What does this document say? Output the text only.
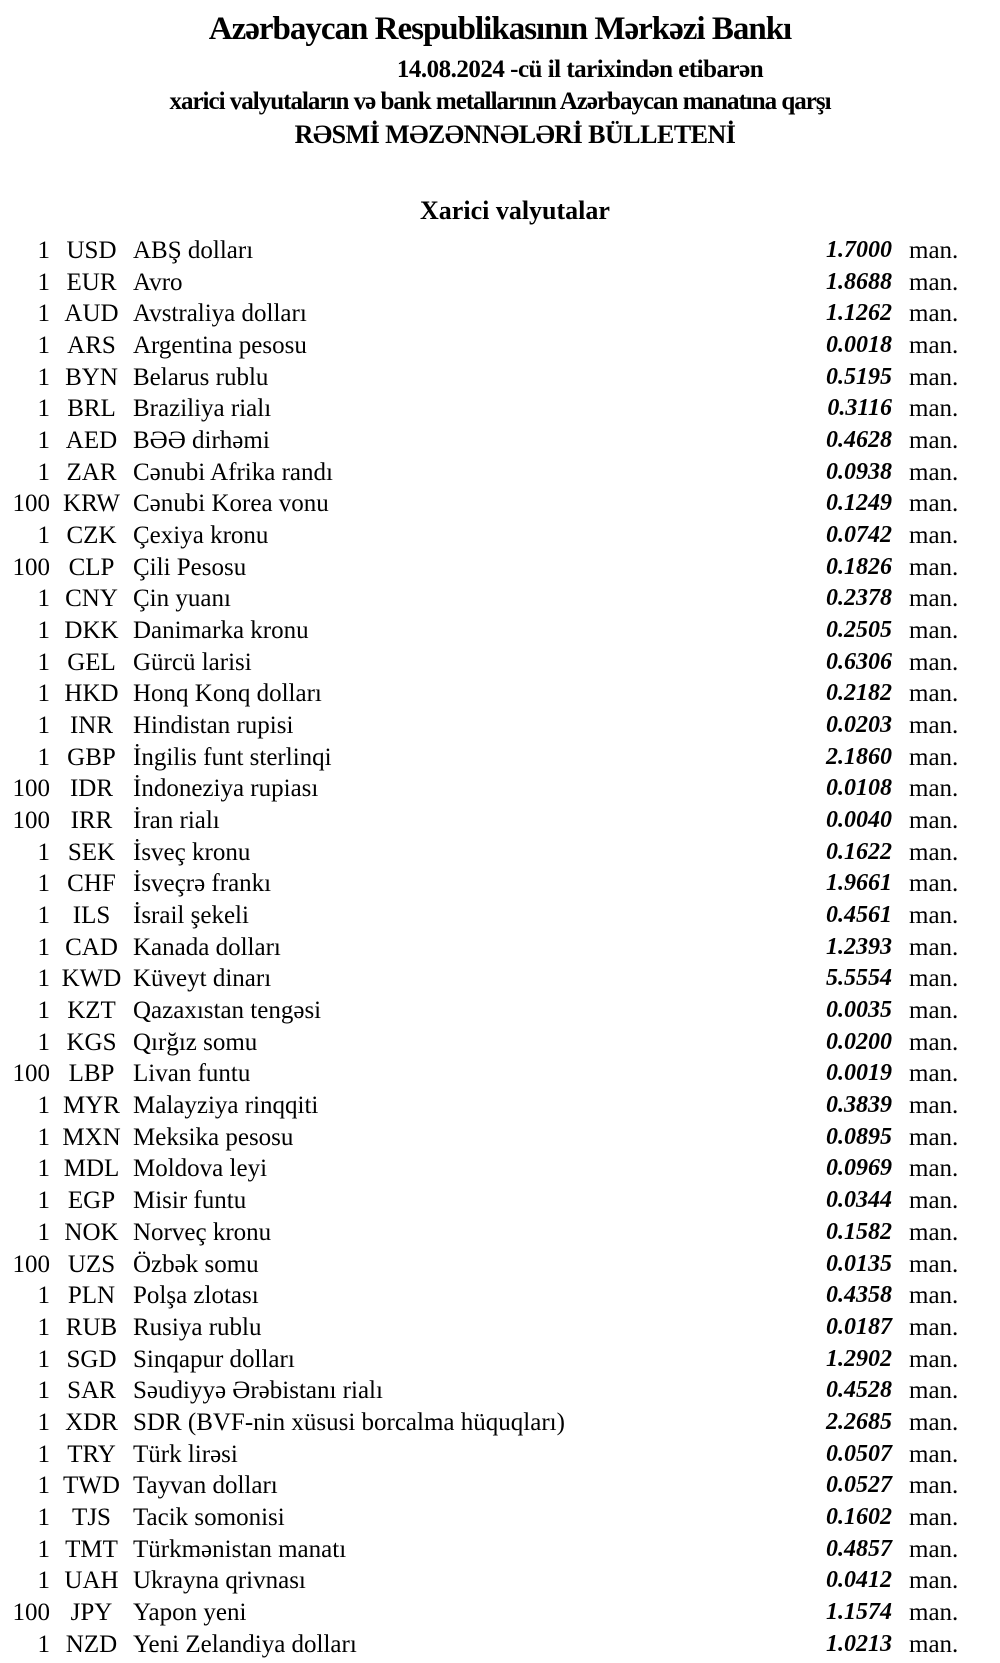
Azərbaycan Respublikasının Mərkəzi Bankı
14.08.2024 -cü il tarixindən etibarən
xarici valyutaların və bank metallarının Azərbaycan manatına qarşı
RƏSMİ MƏZƏNNƏLƏRİ BÜLLETENİ
Xarici valyutalar
1 USD ABŞ dolları	1.7000 man.
1 EUR Avro	1.8688 man.
1 AUD Avstraliya dolları	1.1262 man.
1 ARS Argentina pesosu	0.0018 man.
1 BYN Belarus rublu	0.5195 man.
1 BRL Braziliya rialı	0.3116 man.
1 AED BƏƏ dirhəmi	0.4628 man.
1 ZAR Cənubi Afrika randı	0.0938 man.
100 KRW Cənubi Korea vonu	0.1249 man.
1 CZK Çexiya kronu	0.0742 man.
100 CLP Çili Pesosu	0.1826 man.
1 CNY Çin yuanı	0.2378 man.
1 DKK Danimarka kronu	0.2505 man.
1 GEL Gürcü larisi	0.6306 man.
1 HKD Honq Konq dolları	0.2182 man.
1 INR Hindistan rupisi	0.0203 man.
1 GBP İngilis funt sterlinqi	2.1860 man.
100 IDR İndoneziya rupiası	0.0108 man.
100 IRR İran rialı	0.0040 man.
1 SEK İsveç kronu	0.1622 man.
1 CHF İsveçrə frankı	1.9661 man.
1 ILS İsrail şekeli	0.4561 man.
1 CAD Kanada dolları	1.2393 man.
1 KWD Küveyt dinarı	5.5554 man.
1 KZT Qazaxıstan tengəsi	0.0035 man.
1 KGS Qırğız somu	0.0200 man.
100 LBP Livan funtu	0.0019 man.
1 MYR Malayziya rinqqiti	0.3839 man.
1 MXN Meksika pesosu	0.0895 man.
1 MDL Moldova leyi	0.0969 man.
1 EGP Misir funtu	0.0344 man.
1 NOK Norveç kronu	0.1582 man.
100 UZS Özbək somu	0.0135 man.
1 PLN Polşa zlotası	0.4358 man.
1 RUB Rusiya rublu	0.0187 man.
1 SGD Sinqapur dolları	1.2902 man.
1 SAR Səudiyyə Ərəbistanı rialı	0.4528 man.
1 XDR SDR (BVF-nin xüsusi borcalma hüquqları)	2.2685 man.
1 TRY Türk lirəsi	0.0507 man.
1 TWD Tayvan dolları	0.0527 man.
1 TJS Tacik somonisi	0.1602 man.
1 TMT Türkmənistan manatı	0.4857 man.
1 UAH Ukrayna qrivnası	0.0412 man.
100 JPY Yapon yeni	1.1574 man.
1 NZD Yeni Zelandiya dolları	1.0213 man.
